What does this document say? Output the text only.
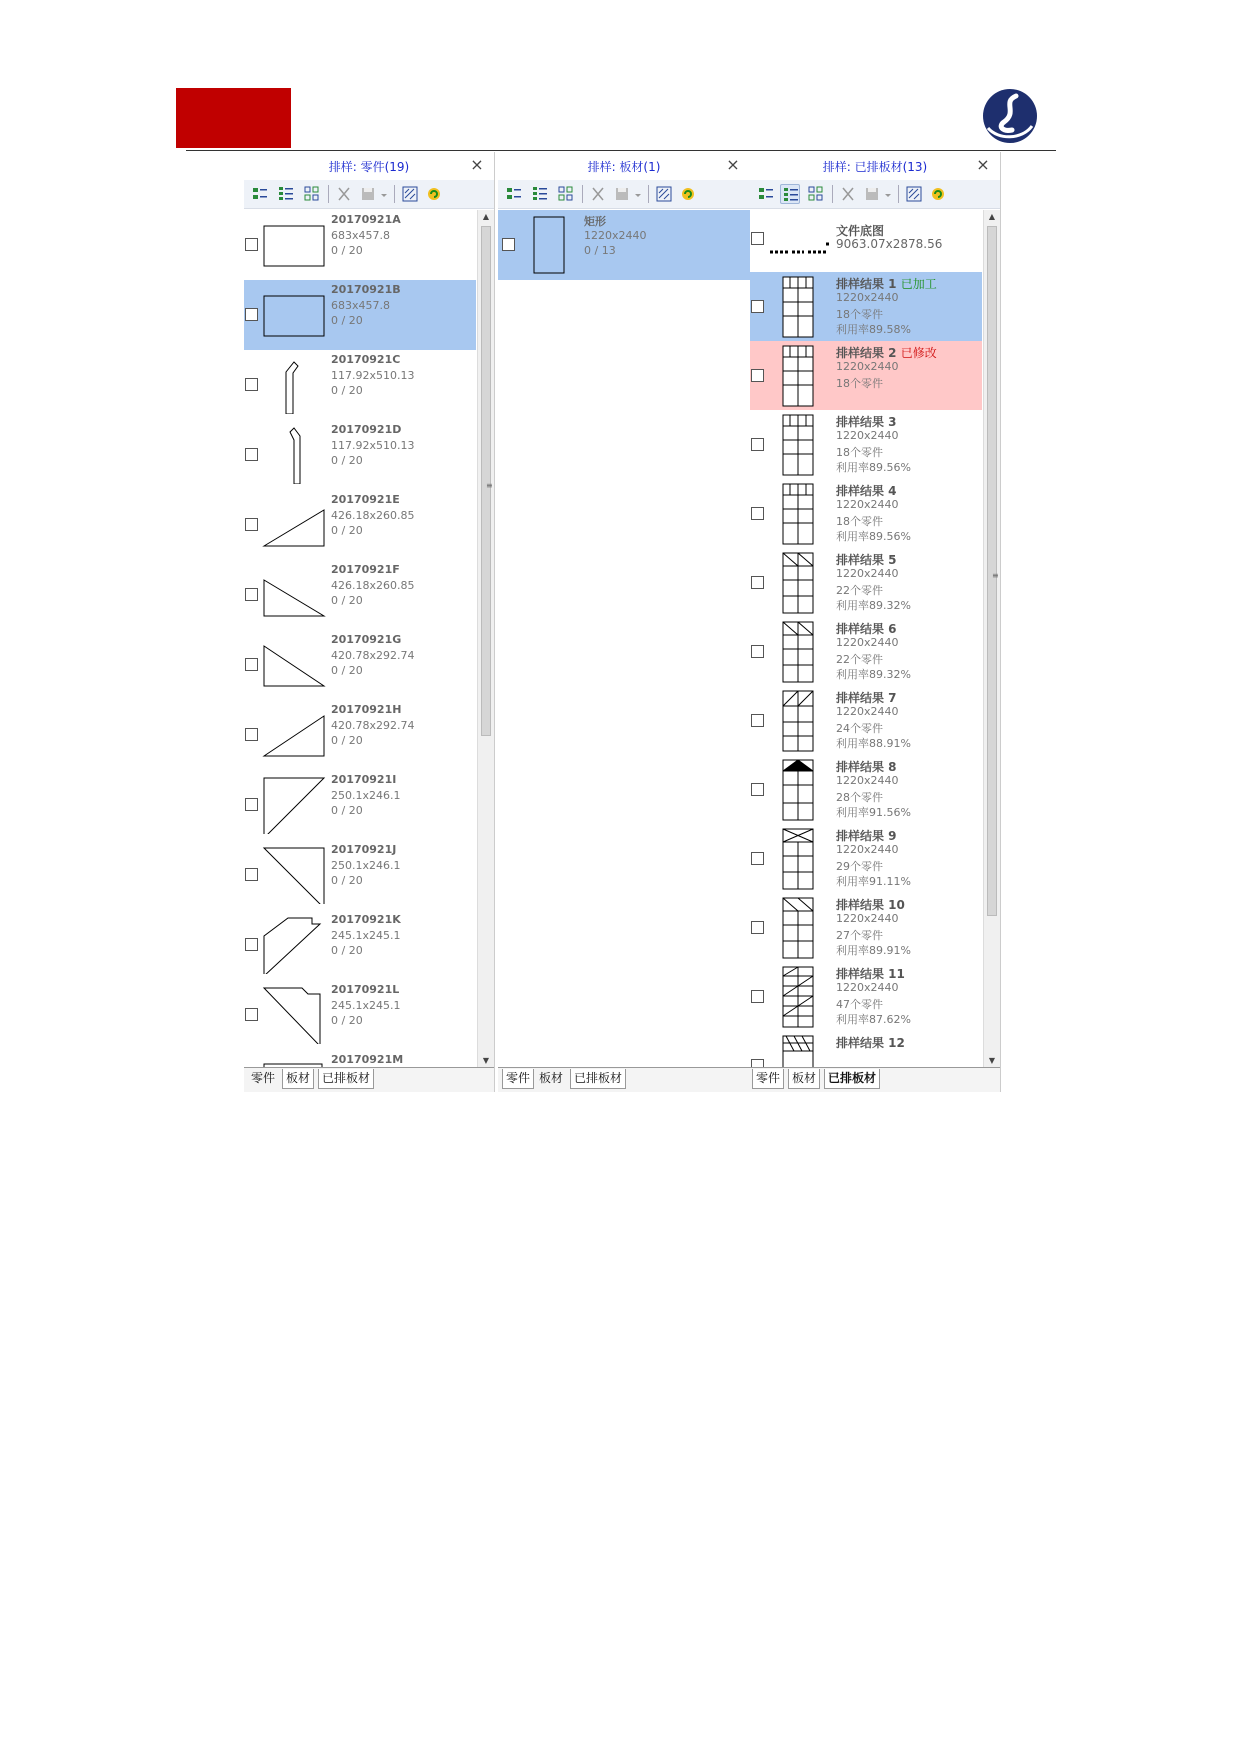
排样: 零件(19)	×
20170921A
683x457.8
0 / 20
20170921B
683x457.8
0 / 20
20170921C
117.92x510.13
0 / 20
20170921D
117.92x510.13
0 / 20
20170921E
426.18x260.85
0 / 20
20170921F
426.18x260.85
0 / 20
20170921G
420.78x292.74
0 / 20
20170921H
420.78x292.74
0 / 20
20170921I
250.1x246.1
0 / 20
20170921J
250.1x246.1
0 / 20
20170921K
245.1x245.1
0 / 20
20170921L
245.1x245.1
0 / 20
20170921M
▲
≡
▼
零件 板材 已排板材
排样: 板材(1)	×
矩形
1220x2440
0 / 13
零件 板材 已排板材
排样: 已排板材(13)	×
文件底图
9063.07x2878.56
排样结果 1 已加工
1220x2440
18个零件
利用率89.58%
排样结果 2 已修改
1220x2440
18个零件
排样结果 3
1220x2440
18个零件
利用率89.56%
排样结果 4
1220x2440
18个零件
利用率89.56%
排样结果 5
1220x2440
22个零件
利用率89.32%
排样结果 6
1220x2440
22个零件
利用率89.32%
排样结果 7
1220x2440
24个零件
利用率88.91%
排样结果 8
1220x2440
28个零件
利用率91.56%
排样结果 9
1220x2440
29个零件
利用率91.11%
排样结果 10
1220x2440
27个零件
利用率89.91%
排样结果 11
1220x2440
47个零件
利用率87.62%
排样结果 12
▲
≡
▼
零件 板材 已排板材
